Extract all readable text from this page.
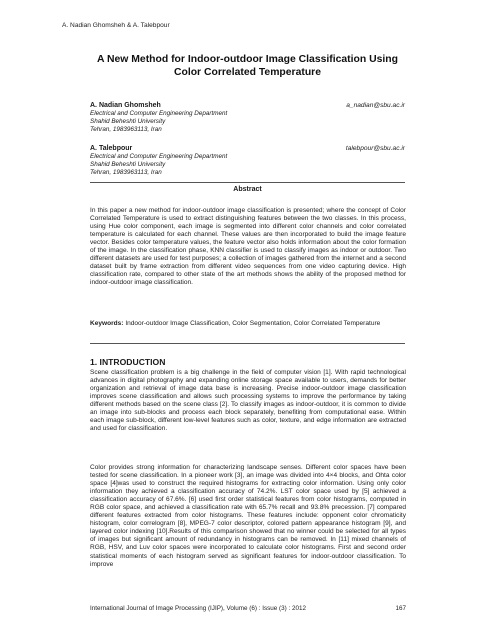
A. Nadian Ghomsheh & A. Talebpour
A New Method for Indoor-outdoor Image Classification Using
Color Correlated Temperature
A. Nadian Ghomsheh
Electrical and Computer Engineering Department
Shahid Beheshti University
Tehran, 1983963113, Iran
a_nadian@sbu.ac.ir
A. Talebpour
Electrical and Computer Engineering Department
Shahid Beheshti University
Tehran, 1983963113, Iran
talebpour@sbu.ac.ir
Abstract
In this paper a new method for indoor-outdoor image classification is presented; where the concept of Color Correlated Temperature is used to extract distinguishing features between the two classes. In this process, using Hue color component, each image is segmented into different color channels and color correlated temperature is calculated for each channel. These values are then incorporated to build the image feature vector. Besides color temperature values, the feature vector also holds information about the color formation of the image. In the classification phase, KNN classifier is used to classify images as indoor or outdoor. Two different datasets are used for test purposes; a collection of images gathered from the internet and a second dataset built by frame extraction from different video sequences from one video capturing device. High classification rate, compared to other state of the art methods shows the ability of the proposed method for indoor-outdoor image classification.
Keywords: Indoor-outdoor Image Classification, Color Segmentation, Color Correlated Temperature
1. INTRODUCTION
Scene classification problem is a big challenge in the field of computer vision [1]. With rapid technological advances in digital photography and expanding online storage space available to users, demands for better organization and retrieval of image data base is increasing. Precise indoor-outdoor image classification improves scene classification and allows such processing systems to improve the performance by taking different methods based on the scene class [2]. To classify images as indoor-outdoor, it is common to divide an image into sub-blocks and process each block separately, benefiting from computational ease. Within each image sub-block, different low-level features such as color, texture, and edge information are extracted and used for classification.
Color provides strong information for characterizing landscape senses. Different color spaces have been tested for scene classification. In a pioneer work [3], an image was divided into 4×4 blocks, and Ohta color space [4]was used to construct the required histograms for extracting color information. Using only color information they achieved a classification accuracy of 74.2%. LST color space used by [5] achieved a classification accuracy of 67.6%. [6] used first order statistical features from color histograms, computed in RGB color space, and achieved a classification rate with 65.7% recall and 93.8% precession. [7] compared different features extracted from color histograms. These features include: opponent color chromaticity histogram, color correlogram [8], MPEG-7 color descriptor, colored pattern appearance histogram [9], and layered color indexing [10].Results of this comparison showed that no winner could be selected for all types of images but significant amount of redundancy in histograms can be removed. In [11] mixed channels of RGB, HSV, and Luv color spaces were incorporated to calculate color histograms. First and second order statistical moments of each histogram served as significant features for indoor-outdoor classification. To improve
International Journal of Image Processing (IJIP), Volume (6) : Issue (3) : 2012	167
